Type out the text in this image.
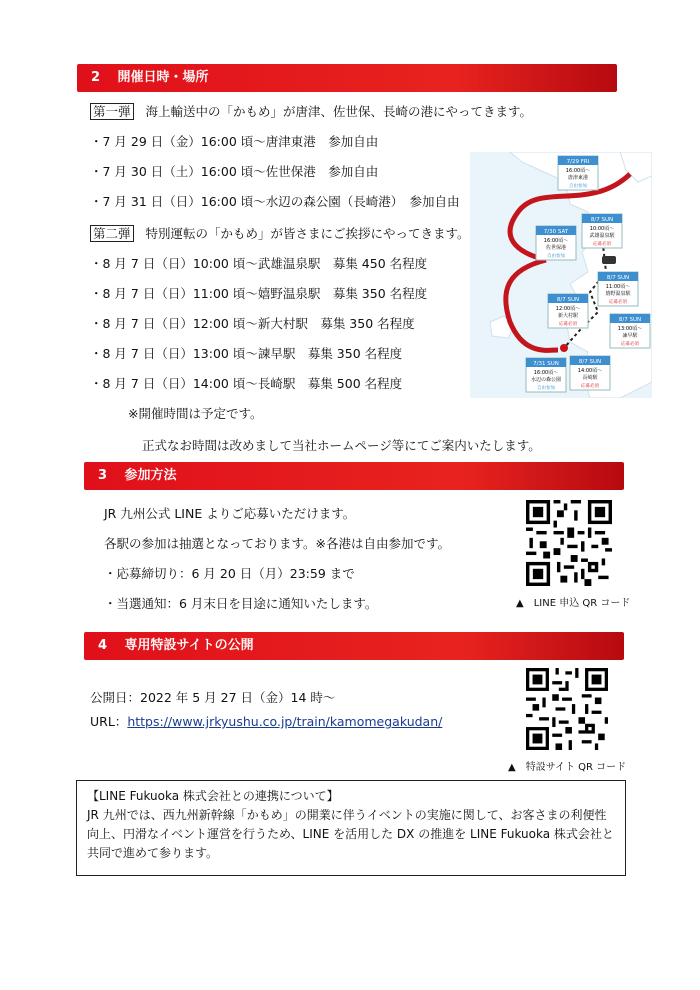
2 開催日時・場所
第一弾 海上輸送中の「かもめ」が唐津、佐世保、長崎の港にやってきます。
・7 月 29 日（金）16:00 頃～唐津東港　参加自由
・7 月 30 日（土）16:00 頃～佐世保港　参加自由
・7 月 31 日（日）16:00 頃～水辺の森公園（長崎港）　参加自由
第二弾 特別運転の「かもめ」が皆さまにご挨拶にやってきます。
・8 月 7 日（日）10:00 頃～武雄温泉駅　募集 450 名程度
・8 月 7 日（日）11:00 頃～嬉野温泉駅　募集 350 名程度
・8 月 7 日（日）12:00 頃～新大村駅　募集 350 名程度
・8 月 7 日（日）13:00 頃～諫早駅　募集 350 名程度
・8 月 7 日（日）14:00 頃～長崎駅　募集 500 名程度
※開催時間は予定です。
正式なお時間は改めまして当社ホームページ等にてご案内いたします。
7/29 FRI
16:00頃～
唐津東港
自由参加
7/30 SAT
16:00頃～
佐世保港
自由参加
8/7 SUN
10:00頃～
武雄温泉駅
応募必須
8/7 SUN
11:00頃～
嬉野温泉駅
応募必須
8/7 SUN
12:00頃～
新大村駅
応募必須
8/7 SUN
13:00頃～
諫早駅
応募必須
8/7 SUN
14:00頃～
長崎駅
応募必須
7/31 SUN
16:00頃～
水辺の森公園
自由参加
3 参加方法
JR 九州公式 LINE よりご応募いただけます。
各駅の参加は抽選となっております。※各港は自由参加です。
・応募締切り：6 月 20 日（月）23:59 まで
・当選通知：6 月末日を目途に通知いたします。	▲　LINE 申込 QR コード
4 専用特設サイトの公開
公開日：2022 年 5 月 27 日（金）14 時～
URL：https://www.jrkyushu.co.jp/train/kamomegakudan/
▲　特設サイト QR コード

【LINE Fukuoka 株式会社との連携について】

JR 九州では、西九州新幹線「かもめ」の開業に伴うイベントの実施に関して、お客さまの利便性

向上、円滑なイベント運営を行うため、LINE を活用した DX の推進を LINE Fukuoka 株式会社と

共同で進めて参ります。
